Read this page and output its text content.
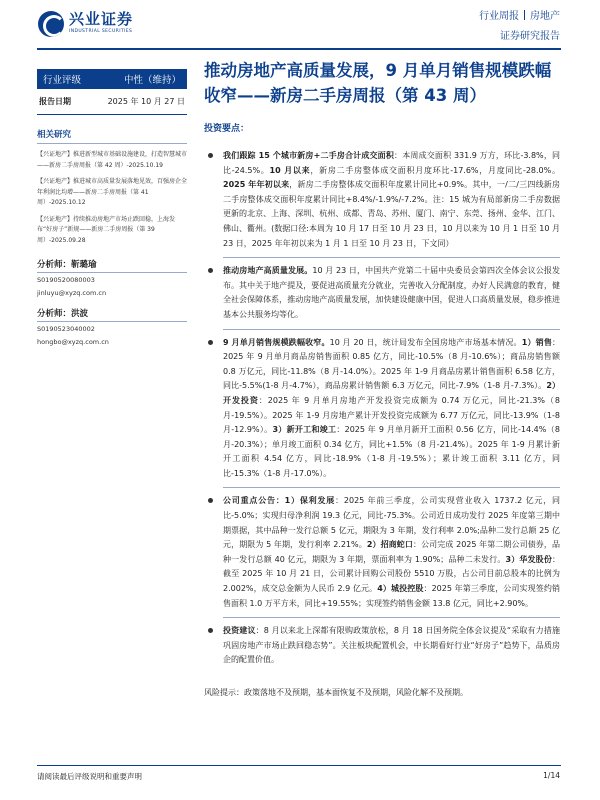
兴业证券
INDUSTRIAL SECURITIES
行业周报 房地产
证券研究报告
行业评级	中性（维持）
报告日期	2025 年 10 月 27 日
相关研究
【兴证地产】推进新型城市基础设施建设，打造智慧城市——新房二手房周报（第 42 周）-2025.10.19
【兴证地产】推进城市高质量发展落地见效，百强房企全年利润比均增——新房二手房周报（第 41 周）-2025.10.12
【兴证地产】持续推动房地产市场止跌回稳，上海发布“好房子”新规——新房二手房周报（第 39 周）-2025.09.28
分析师：靳璐瑜
S0190520080003
jinluyu@xyzq.com.cn
分析师：洪波
S0190523040002
hongbo@xyzq.com.cn
推动房地产高质量发展，9 月单月销售规模跌幅收窄——新房二手房周报（第 43 周）
投资要点：
我们跟踪 15 个城市新房+二手房合计成交面积：本周成交面积 331.9 万方，环比-3.8%，同比-24.5%。10 月以来，新房二手房整体成交面积月度环比-17.6%，月度同比-28.0%。2025 年年初以来，新房二手房整体成交面积年度累计同比+0.9%。其中，一/二/三四线新房二手房整体成交面积年度累计同比+8.4%/-1.9%/-7.2%。注：15 城为有局部新房二手房数据更新的北京、上海、深圳、杭州、成都、青岛、苏州、厦门、南宁、东莞、扬州、金华、江门、佛山、衢州。(数据口径:本周为 10 月 17 日至 10 月 23 日，10 月以来为 10 月 1 日至 10 月 23 日，2025 年年初以来为 1 月 1 日至 10 月 23 日，下文同）
推动房地产高质量发展。10 月 23 日，中国共产党第二十届中央委员会第四次全体会议公报发布。其中关于地产提及，要促进高质量充分就业，完善收入分配制度，办好人民满意的教育，健全社会保障体系，推动房地产高质量发展，加快建设健康中国，促进人口高质量发展，稳步推进基本公共服务均等化。
9 月单月销售规模跌幅收窄。10 月 20 日，统计局发布全国房地产市场基本情况。1）销售：2025 年 9 月单月商品房销售面积 0.85 亿方，同比-10.5%（8 月-10.6%）；商品房销售额 0.8 万亿元，同比-11.8%（8 月-14.0%）。2025 年 1-9 月商品房累计销售面积 6.58 亿方，同比-5.5%(1-8 月-4.7%），商品房累计销售额 6.3 万亿元，同比-7.9%（1-8 月-7.3%）。2）开发投资：2025 年 9 月单月房地产开发投资完成额为 0.74 万亿元，同比-21.3%（8 月-19.5%）。2025 年 1-9 月房地产累计开发投资完成额为 6.77 万亿元，同比-13.9%（1-8 月-12.9%）。3）新开工和竣工：2025 年 9 月单月新开工面积 0.56 亿方，同比-14.4%（8 月-20.3%）；单月竣工面积 0.34 亿方，同比+1.5%（8 月-21.4%）。2025 年 1-9 月累计新开工面积 4.54 亿方，同比-18.9%（1-8 月-19.5%）；累计竣工面积 3.11 亿方，同比-15.3%（1-8 月-17.0%）。
公司重点公告：1）保利发展：2025 年前三季度，公司实现营业收入 1737.2 亿元，同比-5.0%；实现归母净利润 19.3 亿元，同比-75.3%。公司近日成功发行 2025 年度第三期中期票据，其中品种一发行总额 5 亿元，期限为 3 年期，发行利率 2.0%;品种二发行总额 25 亿元，期限为 5 年期，发行利率 2.21%。2）招商蛇口：公司完成 2025 年第二期公司债券，品种一发行总额 40 亿元，期限为 3 年期，票面利率为 1.90%；品种二未发行。3）华发股份：截至 2025 年 10 月 21 日，公司累计回购公司股份 5510 万股，占公司目前总股本的比例为 2.002%，成交总金额为人民币 2.9 亿元。4）城投控股：2025 年第三季度，公司实现签约销售面积 1.0 万平方米，同比+19.55%；实现签约销售金额 13.8 亿元，同比+2.90%。
投资建议：8 月以来北上深都有限购政策放松，8 月 18 日国务院全体会议提及“采取有力措施巩固房地产市场止跌回稳态势”。关注板块配置机会，中长期看好行业“好房子”趋势下，品质房企的配置价值。
风险提示：政策落地不及预期，基本面恢复不及预期，风险化解不及预期。
请阅读最后评级说明和重要声明	1/14
